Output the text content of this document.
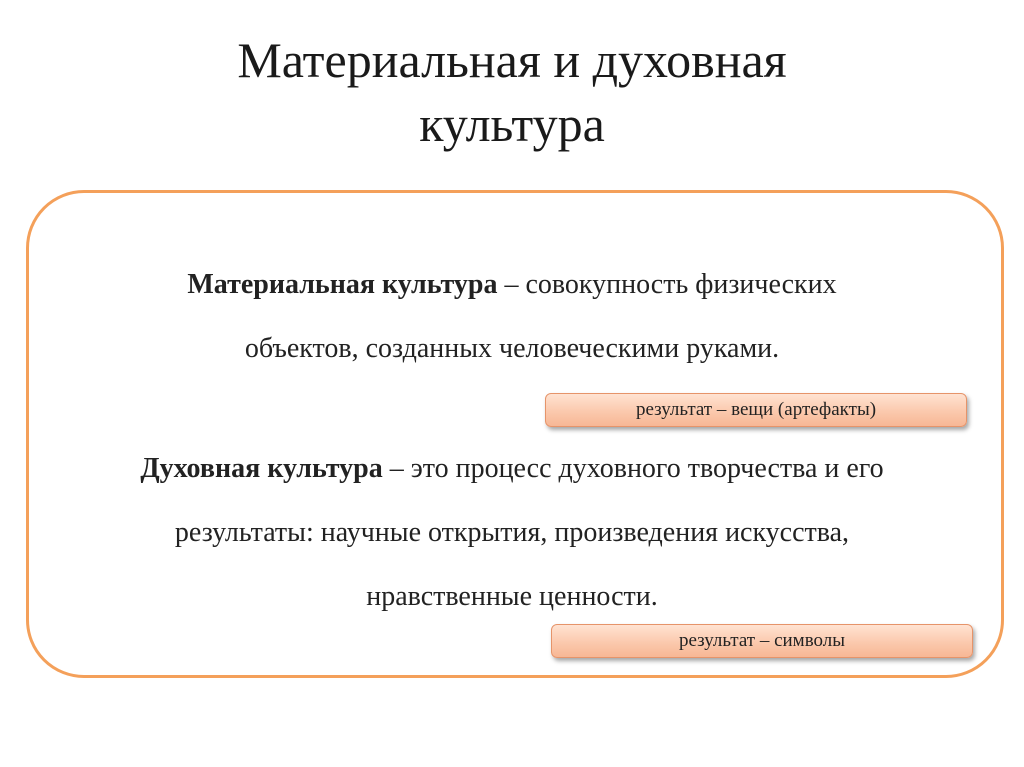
Материальная и духовная
культура
Материальная культура – совокупность физических
объектов, созданных человеческими руками.
результат – вещи (артефакты)
Духовная культура – это процесс духовного творчества и его
результаты: научные открытия, произведения искусства,
нравственные ценности.
результат – символы
